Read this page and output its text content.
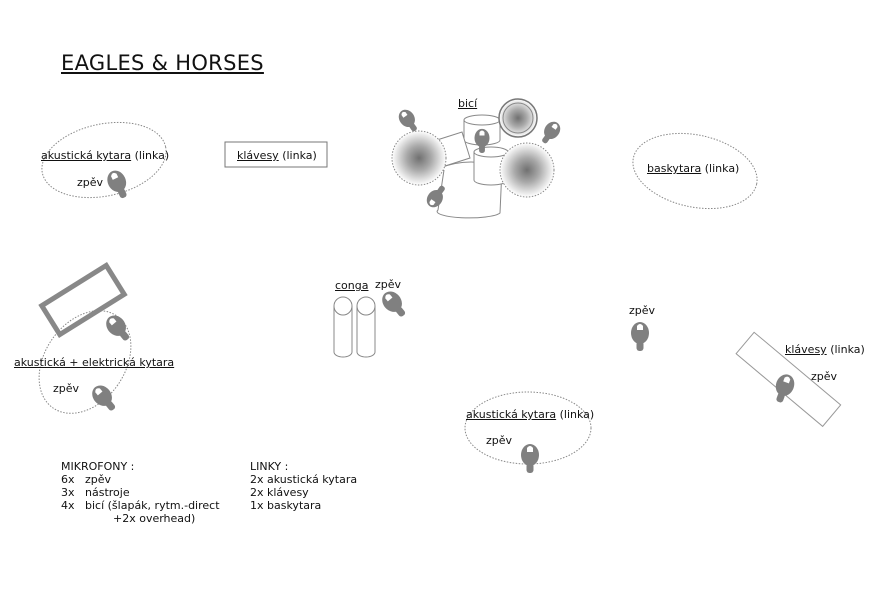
EAGLES & HORSES
akustická kytara (linka)
zpěv
klávesy (linka)
bicí
baskytara (linka)
akustická + elektrická kytara
zpěv
conga zpěv
zpěv
klávesy (linka)
zpěv
akustická kytara (linka)
zpěv
MIKROFONY :
6x zpěv
3x nástroje
4x bicí (šlapák, rytm.-direct
+2x overhead)
LINKY :
2x akustická kytara
2x klávesy
1x baskytara
